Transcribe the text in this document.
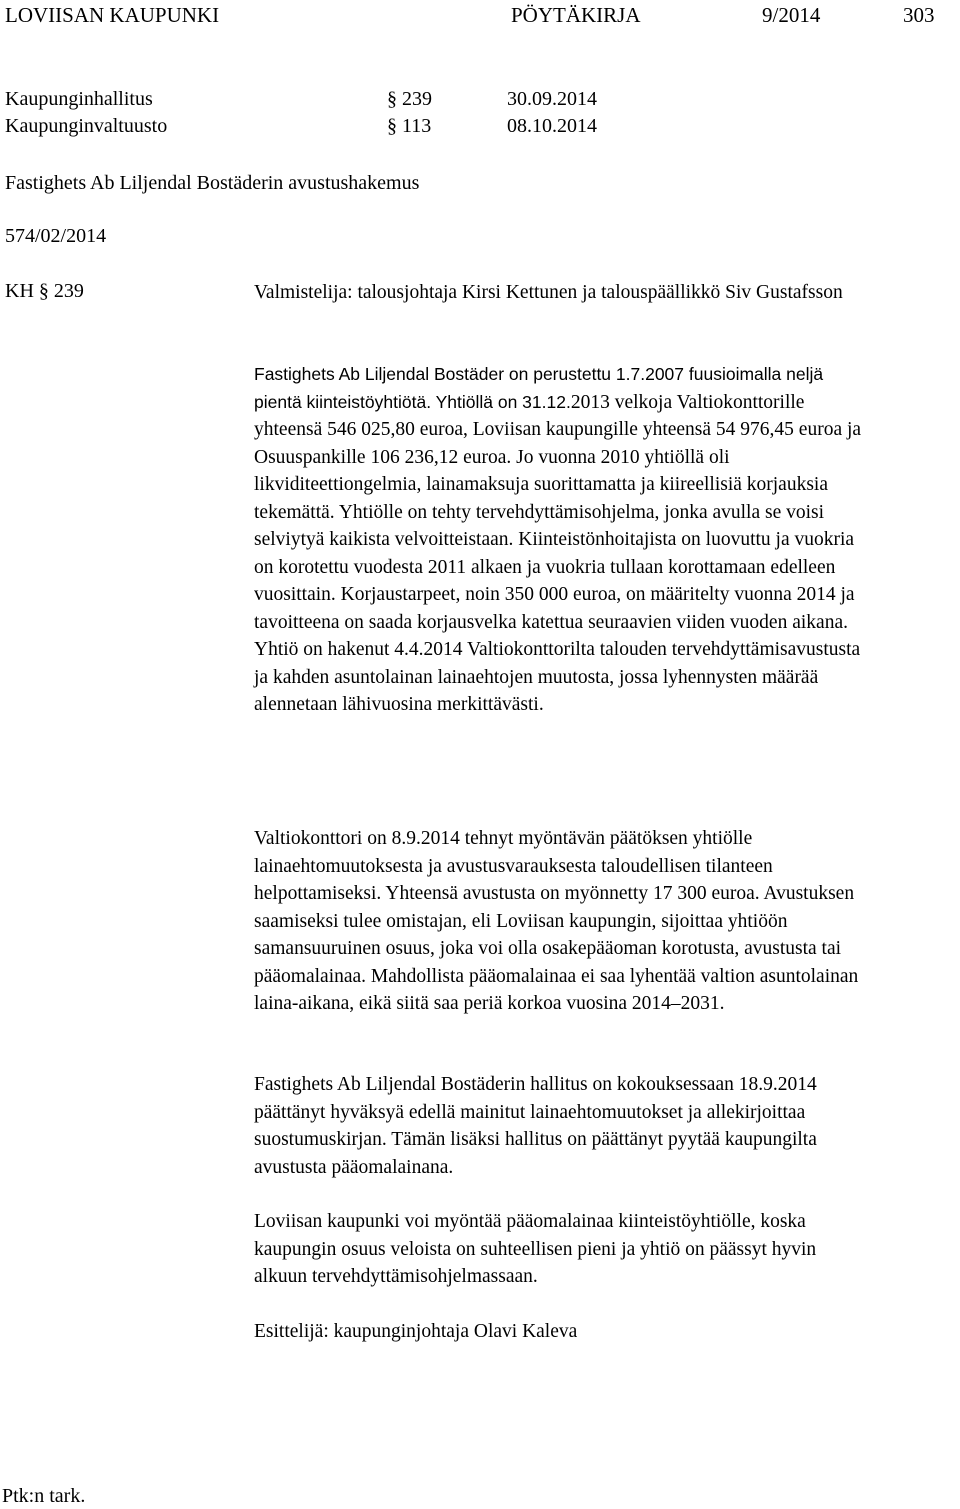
LOVIISAN KAUPUNKI	PÖYTÄKIRJA	9/2014	303
Kaupunginhallitus	§ 239	30.09.2014
Kaupunginvaltuusto	§ 113	08.10.2014
Fastighets Ab Liljendal Bostäderin avustushakemus
574/02/2014
KH § 239	Valmistelija: talousjohtaja Kirsi Kettunen ja talouspäällikkö Siv Gustafsson

Fastighets Ab Liljendal Bostäder on perustettu 1.7.2007 fuusioimalla neljä pientä kiinteistöyhtiötä. Yhtiöllä on 31.12.2013 velkoja Valtiokonttorille yhteensä 546 025,80 euroa, Loviisan kaupungille yhteensä 54 976,45 euroa ja Osuuspankille 106 236,12 euroa. Jo vuonna 2010 yhtiöllä oli likviditeettiongelmia, lainamaksuja suorittamatta ja kiireellisiä korjauksia tekemättä. Yhtiölle on tehty tervehdyttämisohjelma, jonka avulla se voisi selviytyä kaikista velvoitteistaan. Kiinteistönhoitajista on luovuttu ja vuokria on korotettu vuodesta 2011 alkaen ja vuokria tullaan korottamaan edelleen vuosittain. Korjaustarpeet, noin 350 000 euroa, on määritelty vuonna 2014 ja tavoitteena on saada korjausvelka katettua seuraavien viiden vuoden aikana. Yhtiö on hakenut 4.4.2014 Valtiokonttorilta talouden tervehdyttämisavustusta ja kahden asuntolainan lainaehtojen muutosta, jossa lyhennysten määrää alennetaan lähivuosina merkittävästi.

Valtiokonttori on 8.9.2014 tehnyt myöntävän päätöksen yhtiölle lainaehtomuutoksesta ja avustusvarauksesta taloudellisen tilanteen helpottamiseksi. Yhteensä avustusta on myönnetty 17 300 euroa. Avustuksen saamiseksi tulee omistajan, eli Loviisan kaupungin, sijoittaa yhtiöön samansuuruinen osuus, joka voi olla osakepääoman korotusta, avustusta tai pääomalainaa. Mahdollista pääomalainaa ei saa lyhentää valtion asuntolainan laina-aikana, eikä siitä saa periä korkoa vuosina 2014–2031.

Fastighets Ab Liljendal Bostäderin hallitus on kokouksessaan 18.9.2014 päättänyt hyväksyä edellä mainitut lainaehtomuutokset ja allekirjoittaa suostumuskirjan. Tämän lisäksi hallitus on päättänyt pyytää kaupungilta avustusta pääomalainana.

Loviisan kaupunki voi myöntää pääomalainaa kiinteistöyhtiölle, koska kaupungin osuus veloista on suhteellisen pieni ja yhtiö on päässyt hyvin alkuun tervehdyttämisohjelmassaan.

Esittelijä: kaupunginjohtaja Olavi Kaleva

Ptk:n tark.
